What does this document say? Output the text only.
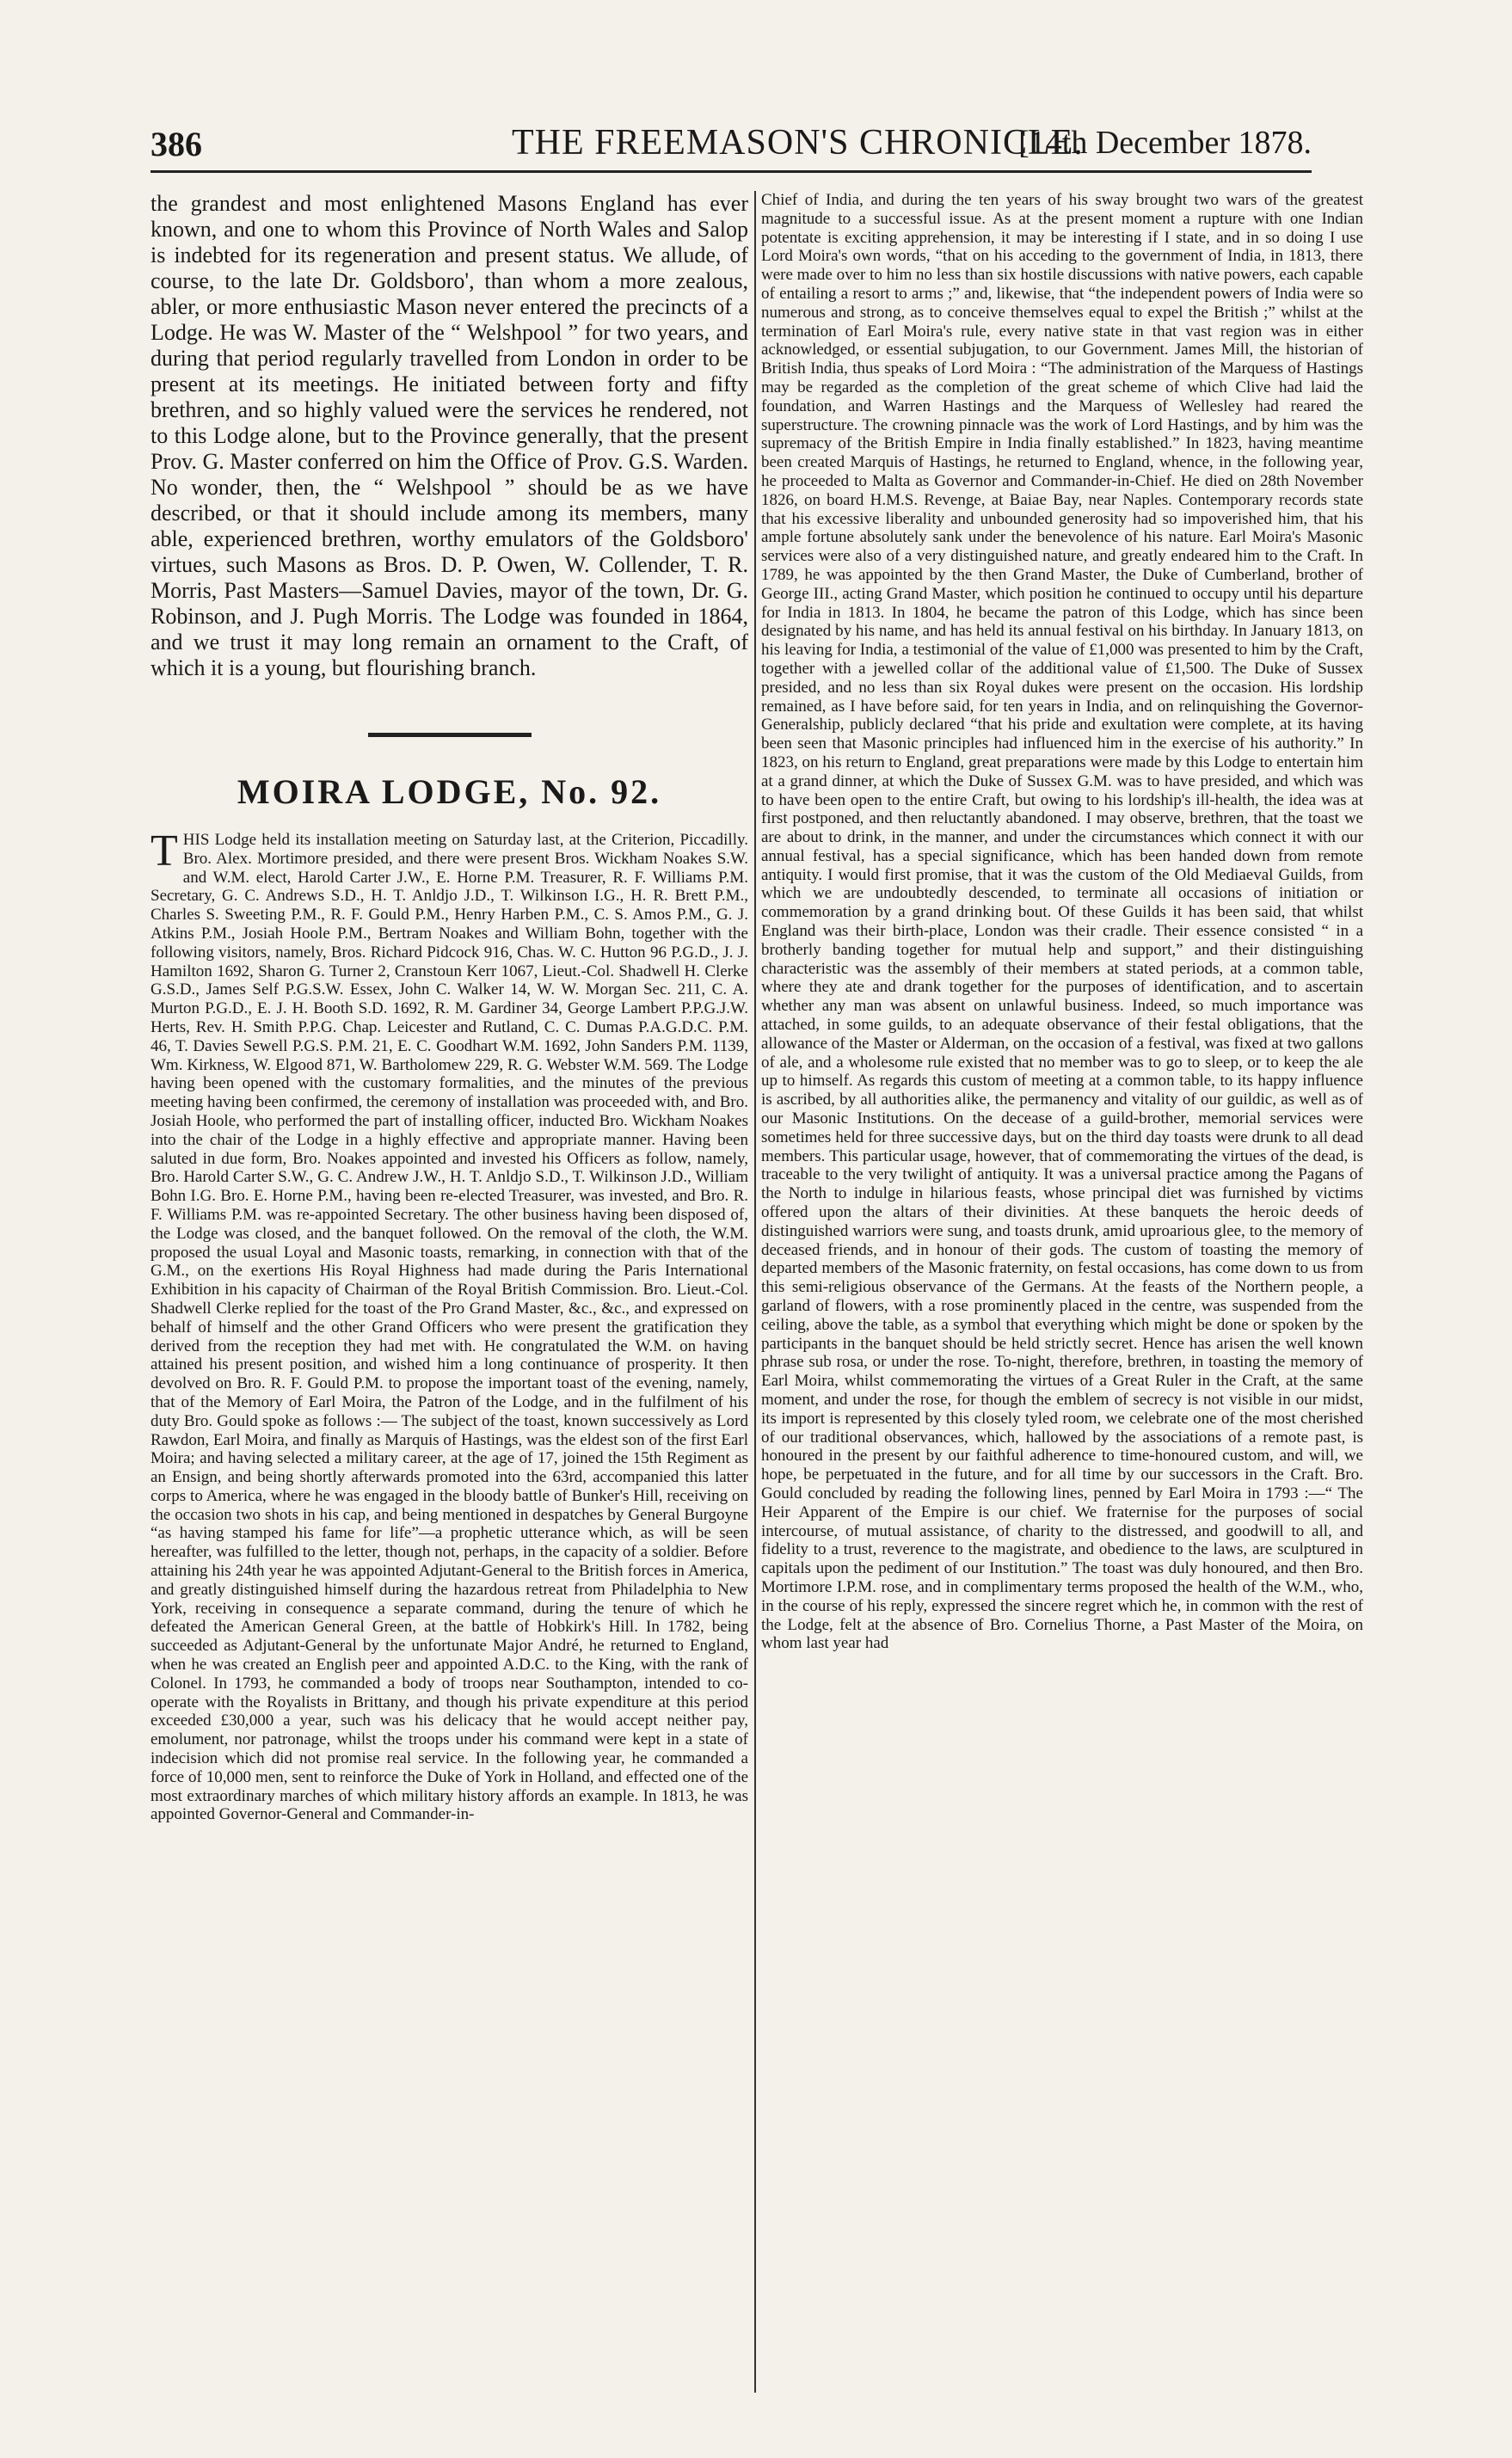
386	THE FREEMASON'S CHRONICLE.
[14th December 1878.

the grandest and most enlightened Masons England has ever known, and one to whom this Province of North Wales and Salop is indebted for its regeneration and present status. We allude, of course, to the late Dr. Goldsboro', than whom a more zealous, abler, or more enthusiastic Mason never entered the precincts of a Lodge. He was W. Master of the “ Welshpool ” for two years, and during that period regularly travelled from London in order to be present at its meetings. He initiated between forty and fifty brethren, and so highly valued were the services he rendered, not to this Lodge alone, but to the Province generally, that the present Prov. G. Master conferred on him the Office of Prov. G.S. Warden. No wonder, then, the “ Welshpool ” should be as we have described, or that it should include among its members, many able, experienced brethren, worthy emulators of the Goldsboro' virtues, such Masons as Bros. D. P. Owen, W. Collender, T. R. Morris, Past Masters—Samuel Davies, mayor of the town, Dr. G. Robinson, and J. Pugh Morris. The Lodge was founded in 1864, and we trust it may long remain an ornament to the Craft, of which it is a young, but flourishing branch.

MOIRA LODGE, No. 92.

THIS Lodge held its installation meeting on Saturday last, at the Criterion, Piccadilly. Bro. Alex. Mortimore presided, and there were present Bros. Wickham Noakes S.W. and W.M. elect, Harold Carter J.W., E. Horne P.M. Treasurer, R. F. Williams P.M. Secretary, G. C. Andrews S.D., H. T. Anldjo J.D., T. Wilkinson I.G., H. R. Brett P.M., Charles S. Sweeting P.M., R. F. Gould P.M., Henry Harben P.M., C. S. Amos P.M., G. J. Atkins P.M., Josiah Hoole P.M., Bertram Noakes and William Bohn, together with the following visitors, namely, Bros. Richard Pidcock 916, Chas. W. C. Hutton 96 P.G.D., J. J. Hamilton 1692, Sharon G. Turner 2, Cranstoun Kerr 1067, Lieut.-Col. Shadwell H. Clerke G.S.D., James Self P.G.S.W. Essex, John C. Walker 14, W. W. Morgan Sec. 211, C. A. Murton P.G.D., E. J. H. Booth S.D. 1692, R. M. Gardiner 34, George Lambert P.P.G.J.W. Herts, Rev. H. Smith P.P.G. Chap. Leicester and Rutland, C. C. Dumas P.A.G.D.C. P.M. 46, T. Davies Sewell P.G.S. P.M. 21, E. C. Goodhart W.M. 1692, John Sanders P.M. 1139, Wm. Kirkness, W. Elgood 871, W. Bartholomew 229, R. G. Webster W.M. 569. The Lodge having been opened with the customary formalities, and the minutes of the previous meeting having been confirmed, the ceremony of installation was proceeded with, and Bro. Josiah Hoole, who performed the part of installing officer, inducted Bro. Wickham Noakes into the chair of the Lodge in a highly effective and appropriate manner. Having been saluted in due form, Bro. Noakes appointed and invested his Officers as follow, namely, Bro. Harold Carter S.W., G. C. Andrew J.W., H. T. Anldjo S.D., T. Wilkinson J.D., William Bohn I.G. Bro. E. Horne P.M., having been re-elected Treasurer, was invested, and Bro. R. F. Williams P.M. was re-appointed Secretary. The other business having been disposed of, the Lodge was closed, and the banquet followed. On the removal of the cloth, the W.M. proposed the usual Loyal and Masonic toasts, remarking, in connection with that of the G.M., on the exertions His Royal Highness had made during the Paris International Exhibition in his capacity of Chairman of the Royal British Commission. Bro. Lieut.-Col. Shadwell Clerke replied for the toast of the Pro Grand Master, &c., &c., and expressed on behalf of himself and the other Grand Officers who were present the gratification they derived from the reception they had met with. He congratulated the W.M. on having attained his present position, and wished him a long continuance of prosperity. It then devolved on Bro. R. F. Gould P.M. to propose the important toast of the evening, namely, that of the Memory of Earl Moira, the Patron of the Lodge, and in the fulfilment of his duty Bro. Gould spoke as follows :— The subject of the toast, known successively as Lord Rawdon, Earl Moira, and finally as Marquis of Hastings, was the eldest son of the first Earl Moira; and having selected a military career, at the age of 17, joined the 15th Regiment as an Ensign, and being shortly afterwards promoted into the 63rd, accompanied this latter corps to America, where he was engaged in the bloody battle of Bunker's Hill, receiving on the occasion two shots in his cap, and being mentioned in despatches by General Burgoyne “as having stamped his fame for life”—a prophetic utterance which, as will be seen hereafter, was fulfilled to the letter, though not, perhaps, in the capacity of a soldier. Before attaining his 24th year he was appointed Adjutant-General to the British forces in America, and greatly distinguished himself during the hazardous retreat from Philadelphia to New York, receiving in consequence a separate command, during the tenure of which he defeated the American General Green, at the battle of Hobkirk's Hill. In 1782, being succeeded as Adjutant-General by the unfortunate Major André, he returned to England, when he was created an English peer and appointed A.D.C. to the King, with the rank of Colonel. In 1793, he commanded a body of troops near Southampton, intended to co-operate with the Royalists in Brittany, and though his private expenditure at this period exceeded £30,000 a year, such was his delicacy that he would accept neither pay, emolument, nor patronage, whilst the troops under his command were kept in a state of indecision which did not promise real service. In the following year, he commanded a force of 10,000 men, sent to reinforce the Duke of York in Holland, and effected one of the most extraordinary marches of which military history affords an example. In 1813, he was appointed Governor-General and Commander-in-

Chief of India, and during the ten years of his sway brought two wars of the greatest magnitude to a successful issue. As at the present moment a rupture with one Indian potentate is exciting apprehension, it may be interesting if I state, and in so doing I use Lord Moira's own words, “that on his acceding to the government of India, in 1813, there were made over to him no less than six hostile discussions with native powers, each capable of entailing a resort to arms ;” and, likewise, that “the independent powers of India were so numerous and strong, as to conceive themselves equal to expel the British ;” whilst at the termination of Earl Moira's rule, every native state in that vast region was in either acknowledged, or essential subjugation, to our Government. James Mill, the historian of British India, thus speaks of Lord Moira : “The administration of the Marquess of Hastings may be regarded as the completion of the great scheme of which Clive had laid the foundation, and Warren Hastings and the Marquess of Wellesley had reared the superstructure. The crowning pinnacle was the work of Lord Hastings, and by him was the supremacy of the British Empire in India finally established.” In 1823, having meantime been created Marquis of Hastings, he returned to England, whence, in the following year, he proceeded to Malta as Governor and Commander-in-Chief. He died on 28th November 1826, on board H.M.S. Revenge, at Baiae Bay, near Naples. Contemporary records state that his excessive liberality and unbounded generosity had so impoverished him, that his ample fortune absolutely sank under the benevolence of his nature. Earl Moira's Masonic services were also of a very distinguished nature, and greatly endeared him to the Craft. In 1789, he was appointed by the then Grand Master, the Duke of Cumberland, brother of George III., acting Grand Master, which position he continued to occupy until his departure for India in 1813. In 1804, he became the patron of this Lodge, which has since been designated by his name, and has held its annual festival on his birthday. In January 1813, on his leaving for India, a testimonial of the value of £1,000 was presented to him by the Craft, together with a jewelled collar of the additional value of £1,500. The Duke of Sussex presided, and no less than six Royal dukes were present on the occasion. His lordship remained, as I have before said, for ten years in India, and on relinquishing the Governor-Generalship, publicly declared “that his pride and exultation were complete, at its having been seen that Masonic principles had influenced him in the exercise of his authority.” In 1823, on his return to England, great preparations were made by this Lodge to entertain him at a grand dinner, at which the Duke of Sussex G.M. was to have presided, and which was to have been open to the entire Craft, but owing to his lordship's ill-health, the idea was at first postponed, and then reluctantly abandoned. I may observe, brethren, that the toast we are about to drink, in the manner, and under the circumstances which connect it with our annual festival, has a special significance, which has been handed down from remote antiquity. I would first promise, that it was the custom of the Old Mediaeval Guilds, from which we are undoubtedly descended, to terminate all occasions of initiation or commemoration by a grand drinking bout. Of these Guilds it has been said, that whilst England was their birth-place, London was their cradle. Their essence consisted “ in a brotherly banding together for mutual help and support,” and their distinguishing characteristic was the assembly of their members at stated periods, at a common table, where they ate and drank together for the purposes of identification, and to ascertain whether any man was absent on unlawful business. Indeed, so much importance was attached, in some guilds, to an adequate observance of their festal obligations, that the allowance of the Master or Alderman, on the occasion of a festival, was fixed at two gallons of ale, and a wholesome rule existed that no member was to go to sleep, or to keep the ale up to himself. As regards this custom of meeting at a common table, to its happy influence is ascribed, by all authorities alike, the permanency and vitality of our guildic, as well as of our Masonic Institutions. On the decease of a guild-brother, memorial services were sometimes held for three successive days, but on the third day toasts were drunk to all dead members. This particular usage, however, that of commemorating the virtues of the dead, is traceable to the very twilight of antiquity. It was a universal practice among the Pagans of the North to indulge in hilarious feasts, whose principal diet was furnished by victims offered upon the altars of their divinities. At these banquets the heroic deeds of distinguished warriors were sung, and toasts drunk, amid uproarious glee, to the memory of deceased friends, and in honour of their gods. The custom of toasting the memory of departed members of the Masonic fraternity, on festal occasions, has come down to us from this semi-religious observance of the Germans. At the feasts of the Northern people, a garland of flowers, with a rose prominently placed in the centre, was suspended from the ceiling, above the table, as a symbol that everything which might be done or spoken by the participants in the banquet should be held strictly secret. Hence has arisen the well known phrase sub rosa, or under the rose. To-night, therefore, brethren, in toasting the memory of Earl Moira, whilst commemorating the virtues of a Great Ruler in the Craft, at the same moment, and under the rose, for though the emblem of secrecy is not visible in our midst, its import is represented by this closely tyled room, we celebrate one of the most cherished of our traditional observances, which, hallowed by the associations of a remote past, is honoured in the present by our faithful adherence to time-honoured custom, and will, we hope, be perpetuated in the future, and for all time by our successors in the Craft. Bro. Gould concluded by reading the following lines, penned by Earl Moira in 1793 :—“ The Heir Apparent of the Empire is our chief. We fraternise for the purposes of social intercourse, of mutual assistance, of charity to the distressed, and goodwill to all, and fidelity to a trust, reverence to the magistrate, and obedience to the laws, are sculptured in capitals upon the pediment of our Institution.” The toast was duly honoured, and then Bro. Mortimore I.P.M. rose, and in complimentary terms proposed the health of the W.M., who, in the course of his reply, expressed the sincere regret which he, in common with the rest of the Lodge, felt at the absence of Bro. Cornelius Thorne, a Past Master of the Moira, on whom last year had
